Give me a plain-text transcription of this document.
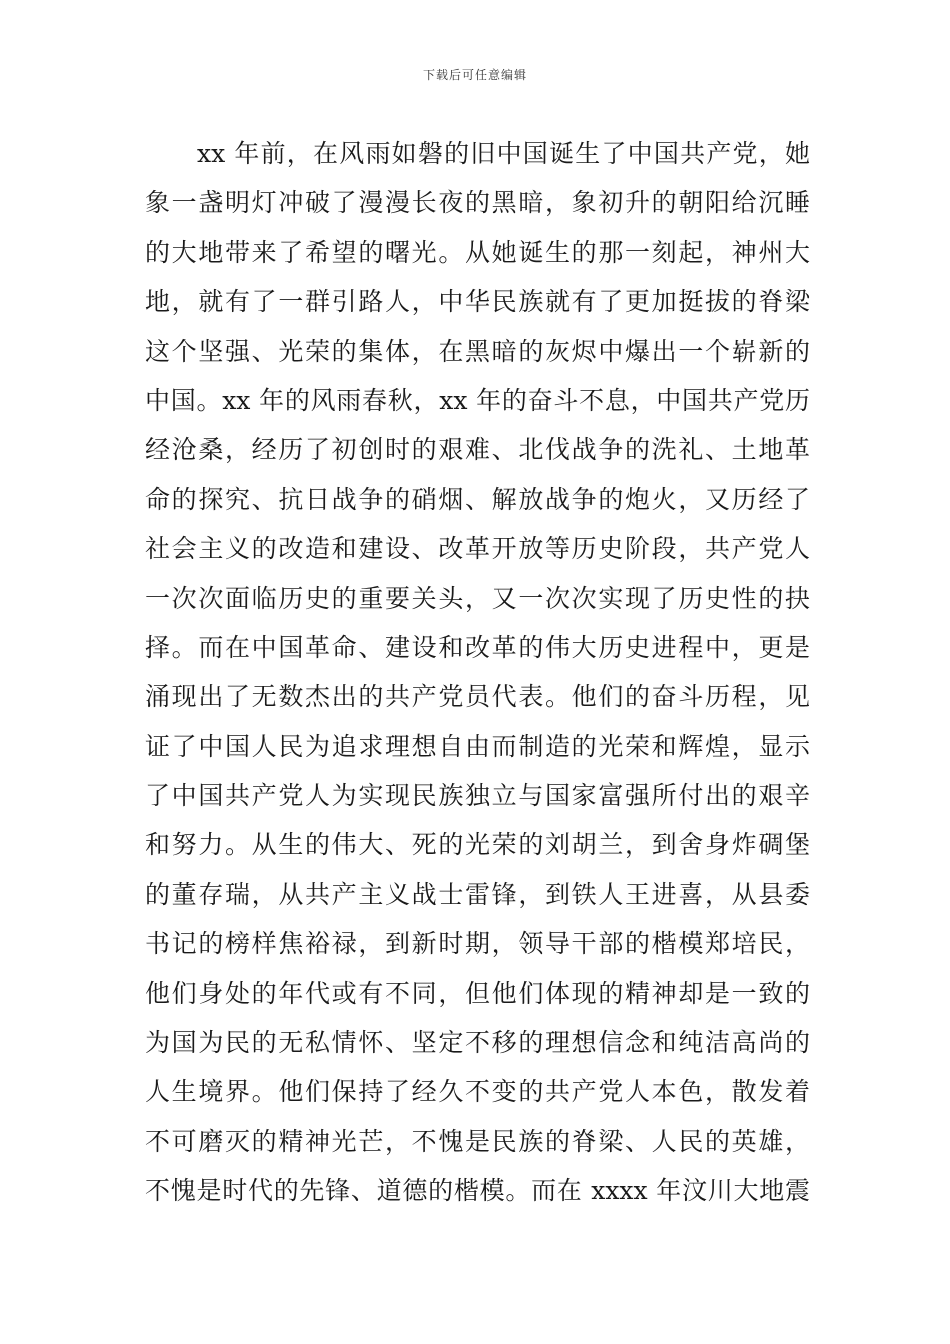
下载后可任意编辑
xx 年前，在风雨如磐的旧中国诞生了中国共产党，她
象一盏明灯冲破了漫漫长夜的黑暗，象初升的朝阳给沉睡
的大地带来了希望的曙光。从她诞生的那一刻起，神州大
地，就有了一群引路人，中华民族就有了更加挺拔的脊梁
这个坚强、光荣的集体，在黑暗的灰烬中爆出一个崭新的
中国。xx 年的风雨春秋，xx 年的奋斗不息，中国共产党历
经沧桑，经历了初创时的艰难、北伐战争的洗礼、土地革
命的探究、抗日战争的硝烟、解放战争的炮火，又历经了
社会主义的改造和建设、改革开放等历史阶段，共产党人
一次次面临历史的重要关头，又一次次实现了历史性的抉
择。而在中国革命、建设和改革的伟大历史进程中，更是
涌现出了无数杰出的共产党员代表。他们的奋斗历程，见
证了中国人民为追求理想自由而制造的光荣和辉煌，显示
了中国共产党人为实现民族独立与国家富强所付出的艰辛
和努力。从生的伟大、死的光荣的刘胡兰，到舍身炸碉堡
的董存瑞，从共产主义战士雷锋，到铁人王进喜，从县委
书记的榜样焦裕禄，到新时期，领导干部的楷模郑培民，
他们身处的年代或有不同，但他们体现的精神却是一致的
为国为民的无私情怀、坚定不移的理想信念和纯洁高尚的
人生境界。他们保持了经久不变的共产党人本色，散发着
不可磨灭的精神光芒，不愧是民族的脊梁、人民的英雄，
不愧是时代的先锋、道德的楷模。而在 xxxx 年汶川大地震
